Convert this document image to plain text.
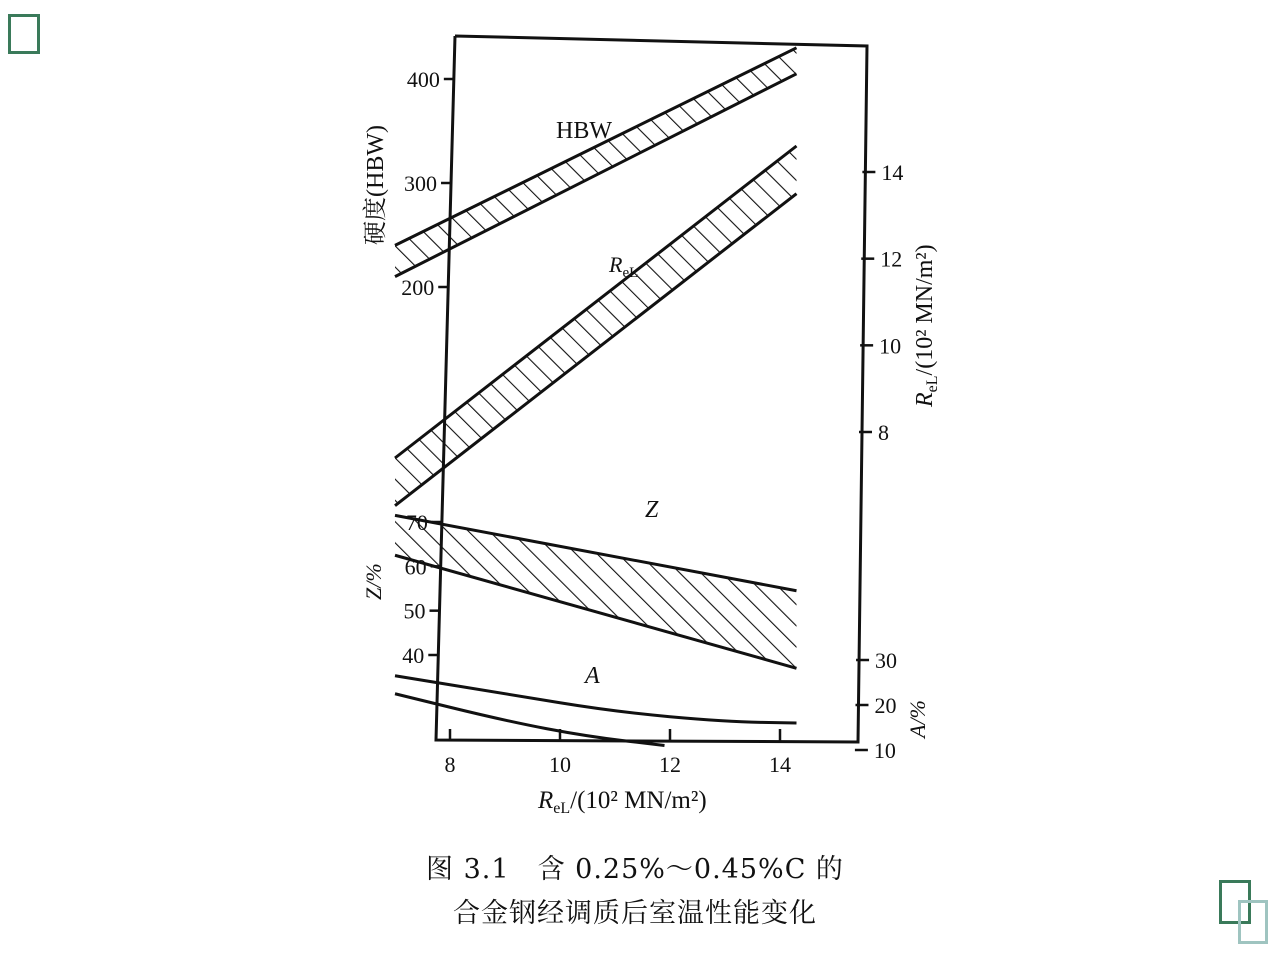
8	10	12	14
200
300
400
40
50
60
70
8
10
12
14
10
20
30
硬度(HBW)
Z/%
$R_{eL}/(10^2$ MN/m²)
A/%
$R_{eL}/(10^2$ MN/m²)
HBW
$R_{eL}$
Z
A
图 3.1　含 0.25%～0.45%C 的
合金钢经调质后室温性能变化
